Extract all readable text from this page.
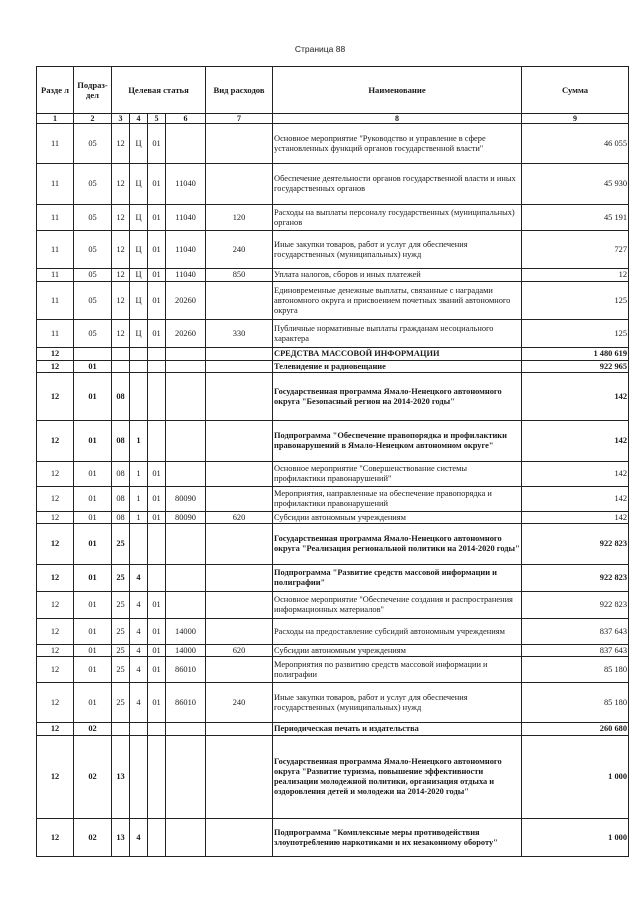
Страница 88
Разде л	Подраз- дел	Целевая статья				Вид расходов	Наименование	Сумма
1	2	3	4	5	6	7	8	9
11	05	12	Ц	01			Основное мероприятие "Руководство и управление в сфере установленных функций органов государственной власти"	46 055
11	05	12	Ц	01	11040		Обеспечение деятельности органов государственной власти и иных государственных органов	45 930
11	05	12	Ц	01	11040	120	Расходы на выплаты персоналу государственных (муниципальных) органов	45 191
11	05	12	Ц	01	11040	240	Иные закупки товаров, работ и услуг для обеспечения государственных (муниципальных) нужд	727
11	05	12	Ц	01	11040	850	Уплата налогов, сборов и иных платежей	12
11	05	12	Ц	01	20260		Единовременные денежные выплаты, связанные с наградами автономного округа и присвоением почетных званий автономного округа	125
11	05	12	Ц	01	20260	330	Публичные нормативные выплаты гражданам несоциального характера	125
12							СРЕДСТВА МАССОВОЙ ИНФОРМАЦИИ	1 480 619
12	01						Телевидение и радиовещание	922 965
12	01	08					Государственная программа Ямало-Ненецкого автономного округа "Безопасный регион на 2014-2020 годы"	142
12	01	08	1				Подпрограмма "Обеспечение правопорядка и профилактики правонарушений в Ямало-Ненецком автономном округе"	142
12	01	08	1	01			Основное мероприятие "Совершенствование системы профилактики правонарушений"	142
12	01	08	1	01	80090		Мероприятия, направленные на обеспечение правопорядка и профилактики правонарушений	142
12	01	08	1	01	80090	620	Субсидии автономным учреждениям	142
12	01	25					Государственная программа Ямало-Ненецкого автономного округа "Реализация региональной политики на 2014-2020 годы"	922 823
12	01	25	4				Подпрограмма "Развитие средств массовой информации и полиграфии"	922 823
12	01	25	4	01			Основное мероприятие "Обеспечение создания и распространения информационных материалов"	922 823
12	01	25	4	01	14000		Расходы на предоставление субсидий автономным учреждениям	837 643
12	01	25	4	01	14000	620	Субсидии автономным учреждениям	837 643
12	01	25	4	01	86010		Мероприятия по развитию средств массовой информации и полиграфии	85 180
12	01	25	4	01	86010	240	Иные закупки товаров, работ и услуг для обеспечения государственных (муниципальных) нужд	85 180
12	02						Периодическая печать и издательства	260 680
12	02	13					Государственная программа Ямало-Ненецкого автономного округа "Развитие туризма, повышение эффективности реализации молодежной политики, организация отдыха и оздоровления детей и молодежи на 2014-2020 годы"	1 000
12	02	13	4				Подпрограмма "Комплексные меры противодействия злоупотреблению наркотиками и их незаконному обороту"	1 000
